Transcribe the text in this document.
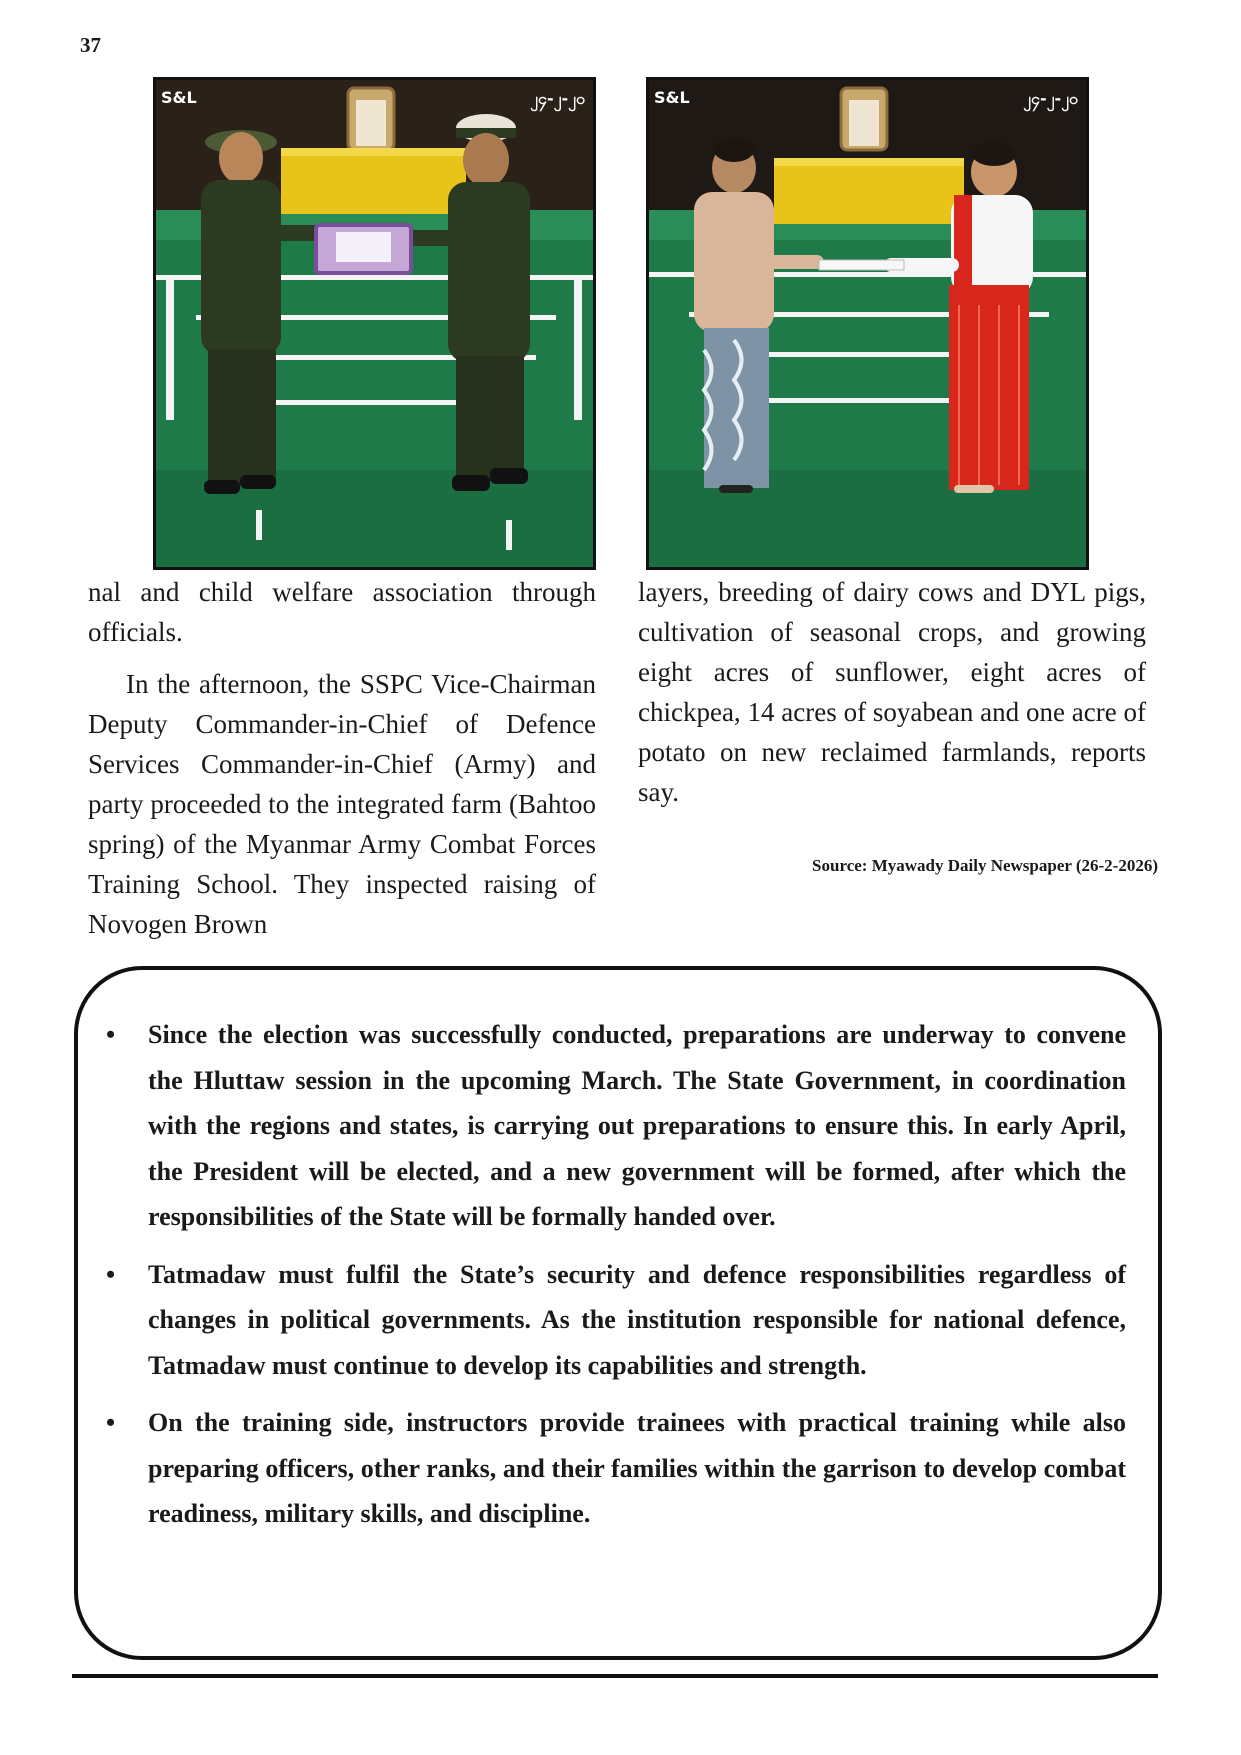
37
S&L	၂၄-၂-၂၀	S&L	၂၄-၂-၂၀

nal and child welfare association through officials.

In the afternoon, the SSPC Vice-Chairman Deputy Commander-in-Chief of Defence Services Commander-in-Chief (Army) and party proceeded to the integrated farm (Bahtoo spring) of the Myanmar Army Combat Forces Training School. They inspected raising of Novogen Brown

layers, breeding of dairy cows and DYL pigs, cultivation of seasonal crops, and growing eight acres of sunflower, eight acres of chickpea, 14 acres of soyabean and one acre of potato on new reclaimed farmlands, reports say.

Source: Myawady Daily Newspaper (26-2-2026)
• Since the election was successfully conducted, preparations are underway to convene the Hluttaw session in the upcoming March. The State Government, in coordination with the regions and states, is carrying out preparations to ensure this. In early April, the President will be elected, and a new government will be formed, after which the responsibilities of the State will be formally handed over.
• Tatmadaw must fulfil the State’s security and defence responsibilities regardless of changes in political governments. As the institution responsible for national defence, Tatmadaw must continue to develop its capabilities and strength.
• On the training side, instructors provide trainees with practical training while also preparing officers, other ranks, and their families within the garrison to develop combat readiness, military skills, and discipline.
